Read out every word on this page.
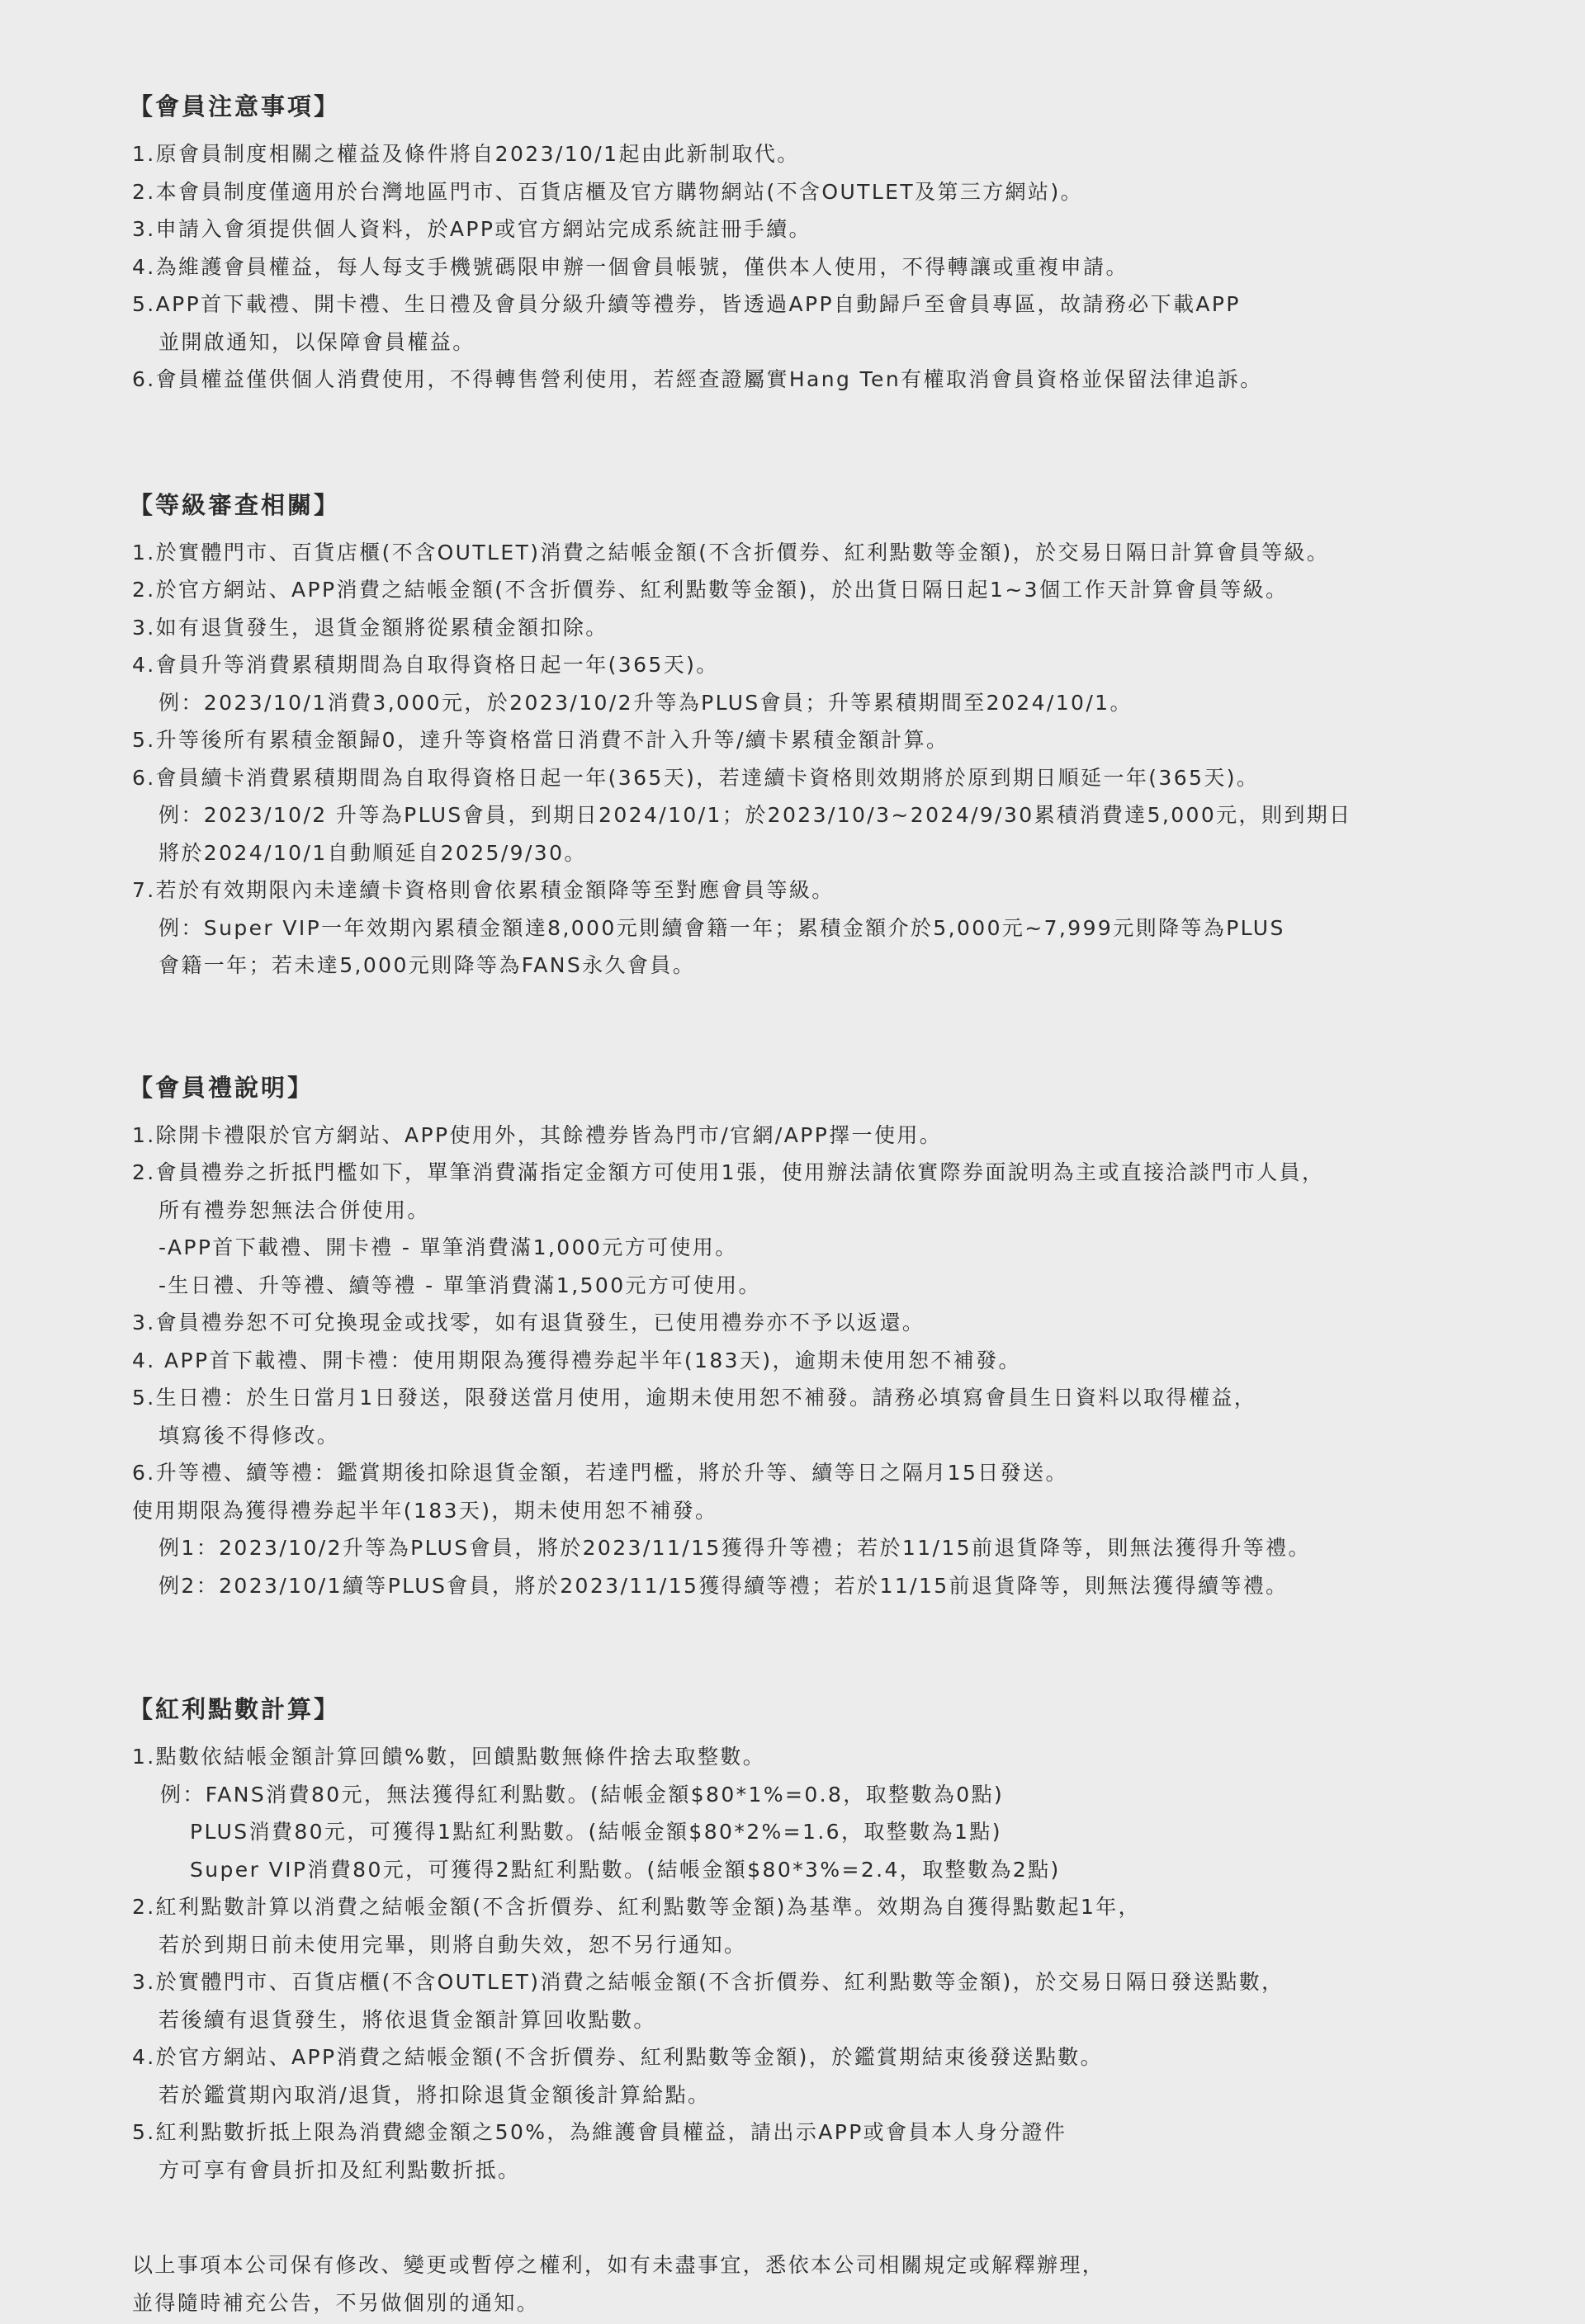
【會員注意事項】
1.原會員制度相關之權益及條件將自2023/10/1起由此新制取代。
2.本會員制度僅適用於台灣地區門市、百貨店櫃及官方購物網站(不含OUTLET及第三方網站)。
3.申請入會須提供個人資料，於APP或官方網站完成系統註冊手續。
4.為維護會員權益，每人每支手機號碼限申辦一個會員帳號，僅供本人使用，不得轉讓或重複申請。
5.APP首下載禮、開卡禮、生日禮及會員分級升續等禮券，皆透過APP自動歸戶至會員專區，故請務必下載APP
並開啟通知，以保障會員權益。
6.會員權益僅供個人消費使用，不得轉售營利使用，若經查證屬實Hang Ten有權取消會員資格並保留法律追訴。
【等級審查相關】
1.於實體門市、百貨店櫃(不含OUTLET)消費之結帳金額(不含折價券、紅利點數等金額)，於交易日隔日計算會員等級。
2.於官方網站、APP消費之結帳金額(不含折價券、紅利點數等金額)，於出貨日隔日起1~3個工作天計算會員等級。
3.如有退貨發生，退貨金額將從累積金額扣除。
4.會員升等消費累積期間為自取得資格日起一年(365天)。
例：2023/10/1消費3,000元，於2023/10/2升等為PLUS會員；升等累積期間至2024/10/1。
5.升等後所有累積金額歸0，達升等資格當日消費不計入升等/續卡累積金額計算。
6.會員續卡消費累積期間為自取得資格日起一年(365天)，若達續卡資格則效期將於原到期日順延一年(365天)。
例：2023/10/2 升等為PLUS會員，到期日2024/10/1；於2023/10/3~2024/9/30累積消費達5,000元，則到期日
將於2024/10/1自動順延自2025/9/30。
7.若於有效期限內未達續卡資格則會依累積金額降等至對應會員等級。
例：Super VIP一年效期內累積金額達8,000元則續會籍一年；累積金額介於5,000元~7,999元則降等為PLUS
會籍一年；若未達5,000元則降等為FANS永久會員。
【會員禮說明】
1.除開卡禮限於官方網站、APP使用外，其餘禮券皆為門市/官網/APP擇一使用。
2.會員禮券之折抵門檻如下，單筆消費滿指定金額方可使用1張，使用辦法請依實際券面說明為主或直接洽談門市人員，
所有禮券恕無法合併使用。
-APP首下載禮、開卡禮 - 單筆消費滿1,000元方可使用。
-生日禮、升等禮、續等禮 - 單筆消費滿1,500元方可使用。
3.會員禮券恕不可兌換現金或找零，如有退貨發生，已使用禮券亦不予以返還。
4. APP首下載禮、開卡禮：使用期限為獲得禮券起半年(183天)，逾期未使用恕不補發。
5.生日禮：於生日當月1日發送，限發送當月使用，逾期未使用恕不補發。請務必填寫會員生日資料以取得權益，
填寫後不得修改。
6.升等禮、續等禮：鑑賞期後扣除退貨金額，若達門檻，將於升等、續等日之隔月15日發送。
使用期限為獲得禮券起半年(183天)，期未使用恕不補發。
例1：2023/10/2升等為PLUS會員，將於2023/11/15獲得升等禮；若於11/15前退貨降等，則無法獲得升等禮。
例2：2023/10/1續等PLUS會員，將於2023/11/15獲得續等禮；若於11/15前退貨降等，則無法獲得續等禮。
【紅利點數計算】
1.點數依結帳金額計算回饋%數，回饋點數無條件捨去取整數。
例：FANS消費80元，無法獲得紅利點數。(結帳金額$80*1%=0.8，取整數為0點)
PLUS消費80元，可獲得1點紅利點數。(結帳金額$80*2%=1.6，取整數為1點)
Super VIP消費80元，可獲得2點紅利點數。(結帳金額$80*3%=2.4，取整數為2點)
2.紅利點數計算以消費之結帳金額(不含折價券、紅利點數等金額)為基準。效期為自獲得點數起1年，
若於到期日前未使用完畢，則將自動失效，恕不另行通知。
3.於實體門市、百貨店櫃(不含OUTLET)消費之結帳金額(不含折價券、紅利點數等金額)，於交易日隔日發送點數，
若後續有退貨發生，將依退貨金額計算回收點數。
4.於官方網站、APP消費之結帳金額(不含折價券、紅利點數等金額)，於鑑賞期結束後發送點數。
若於鑑賞期內取消/退貨，將扣除退貨金額後計算給點。
5.紅利點數折抵上限為消費總金額之50%，為維護會員權益，請出示APP或會員本人身分證件
方可享有會員折扣及紅利點數折抵。
以上事項本公司保有修改、變更或暫停之權利，如有未盡事宜，悉依本公司相關規定或解釋辦理，
並得隨時補充公告，不另做個別的通知。
